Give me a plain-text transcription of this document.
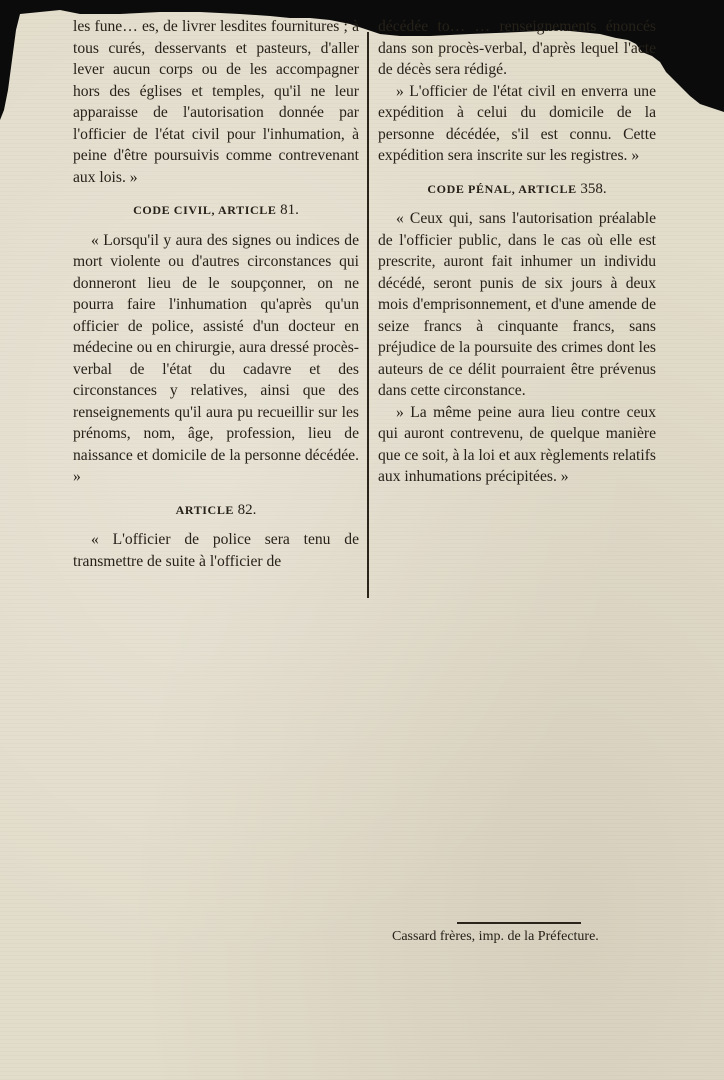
les fune… es, de livrer lesdites fournitures ; à tous curés, desservants et pasteurs, d'aller lever aucun corps ou de les accompagner hors des églises et temples, qu'il ne leur apparaisse de l'autorisation donnée par l'officier de l'état civil pour l'inhumation, à peine d'être poursuivis comme contrevenant aux lois. »

CODE CIVIL, ARTICLE 81.

« Lorsqu'il y aura des signes ou indices de mort violente ou d'autres circonstances qui donneront lieu de le soupçonner, on ne pourra faire l'inhumation qu'après qu'un officier de police, assisté d'un docteur en médecine ou en chirurgie, aura dressé procès-verbal de l'état du cadavre et des circonstances y relatives, ainsi que des renseignements qu'il aura pu recueillir sur les prénoms, nom, âge, profession, lieu de naissance et domicile de la personne décédée. »

ARTICLE 82.

« L'officier de police sera tenu de transmettre de suite à l'officier de

décédée to… … renseignements énoncés dans son procès-verbal, d'après lequel l'acte de décès sera rédigé.

» L'officier de l'état civil en enverra une expédition à celui du domicile de la personne décédée, s'il est connu. Cette expédition sera inscrite sur les registres. »

CODE PÉNAL, ARTICLE 358.

« Ceux qui, sans l'autorisation préalable de l'officier public, dans le cas où elle est prescrite, auront fait inhumer un individu décédé, seront punis de six jours à deux mois d'emprisonnement, et d'une amende de seize francs à cinquante francs, sans préjudice de la poursuite des crimes dont les auteurs de ce délit pourraient être prévenus dans cette circonstance.

» La même peine aura lieu contre ceux qui auront contrevenu, de quelque manière que ce soit, à la loi et aux règlements relatifs aux inhumations précipitées. »

Cassard frères, imp. de la Préfecture.
